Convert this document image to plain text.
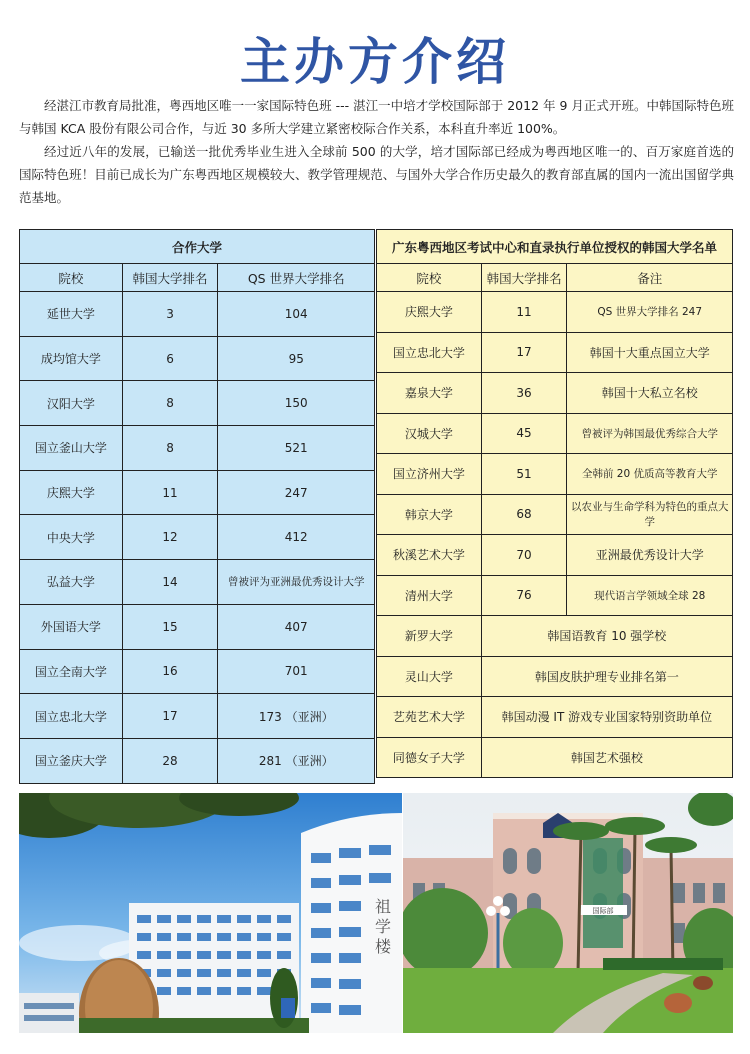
主办方介绍

经湛江市教育局批准，粤西地区唯一一家国际特色班 --- 湛江一中培才学校国际部于 2012 年 9 月正式开班。中韩国际特色班与韩国 KCA 股份有限公司合作，与近 30 多所大学建立紧密校际合作关系，本科直升率近 100%。

经过近八年的发展，已输送一批优秀毕业生进入全球前 500 的大学，培才国际部已经成为粤西地区唯一的、百万家庭首选的国际特色班！目前已成长为广东粤西地区规模较大、教学管理规范、与国外大学合作历史最久的教育部直属的国内一流出国留学典范基地。

合作大学		
院校	韩国大学排名	QS 世界大学排名
延世大学	3	104
成均馆大学	6	95
汉阳大学	8	150
国立釜山大学	8	521
庆熙大学	11	247
中央大学	12	412
弘益大学	14	曾被评为亚洲最优秀设计大学
外国语大学	15	407
国立全南大学	16	701
国立忠北大学	17	173 （亚洲）
国立釜庆大学	28	281 （亚洲）
广东粤西地区考试中心和直录执行单位授权的韩国大学名单		
院校	韩国大学排名	备注
庆熙大学	11	QS 世界大学排名 247
国立忠北大学	17	韩国十大重点国立大学
嘉泉大学	36	韩国十大私立名校
汉城大学	45	曾被评为韩国最优秀综合大学
国立济州大学	51	全韩前 20 优质高等教育大学
韩京大学	68	以农业与生命学科为特色的重点大学
秋溪艺术大学	70	亚洲最优秀设计大学
清州大学	76	现代语言学领域全球 28
新罗大学	韩国语教育 10 强学校	
灵山大学	韩国皮肤护理专业排名第一	
艺苑艺术大学	韩国动漫 IT 游戏专业国家特别资助单位	
同德女子大学	韩国艺术强校	
祖 学 楼	国际部
